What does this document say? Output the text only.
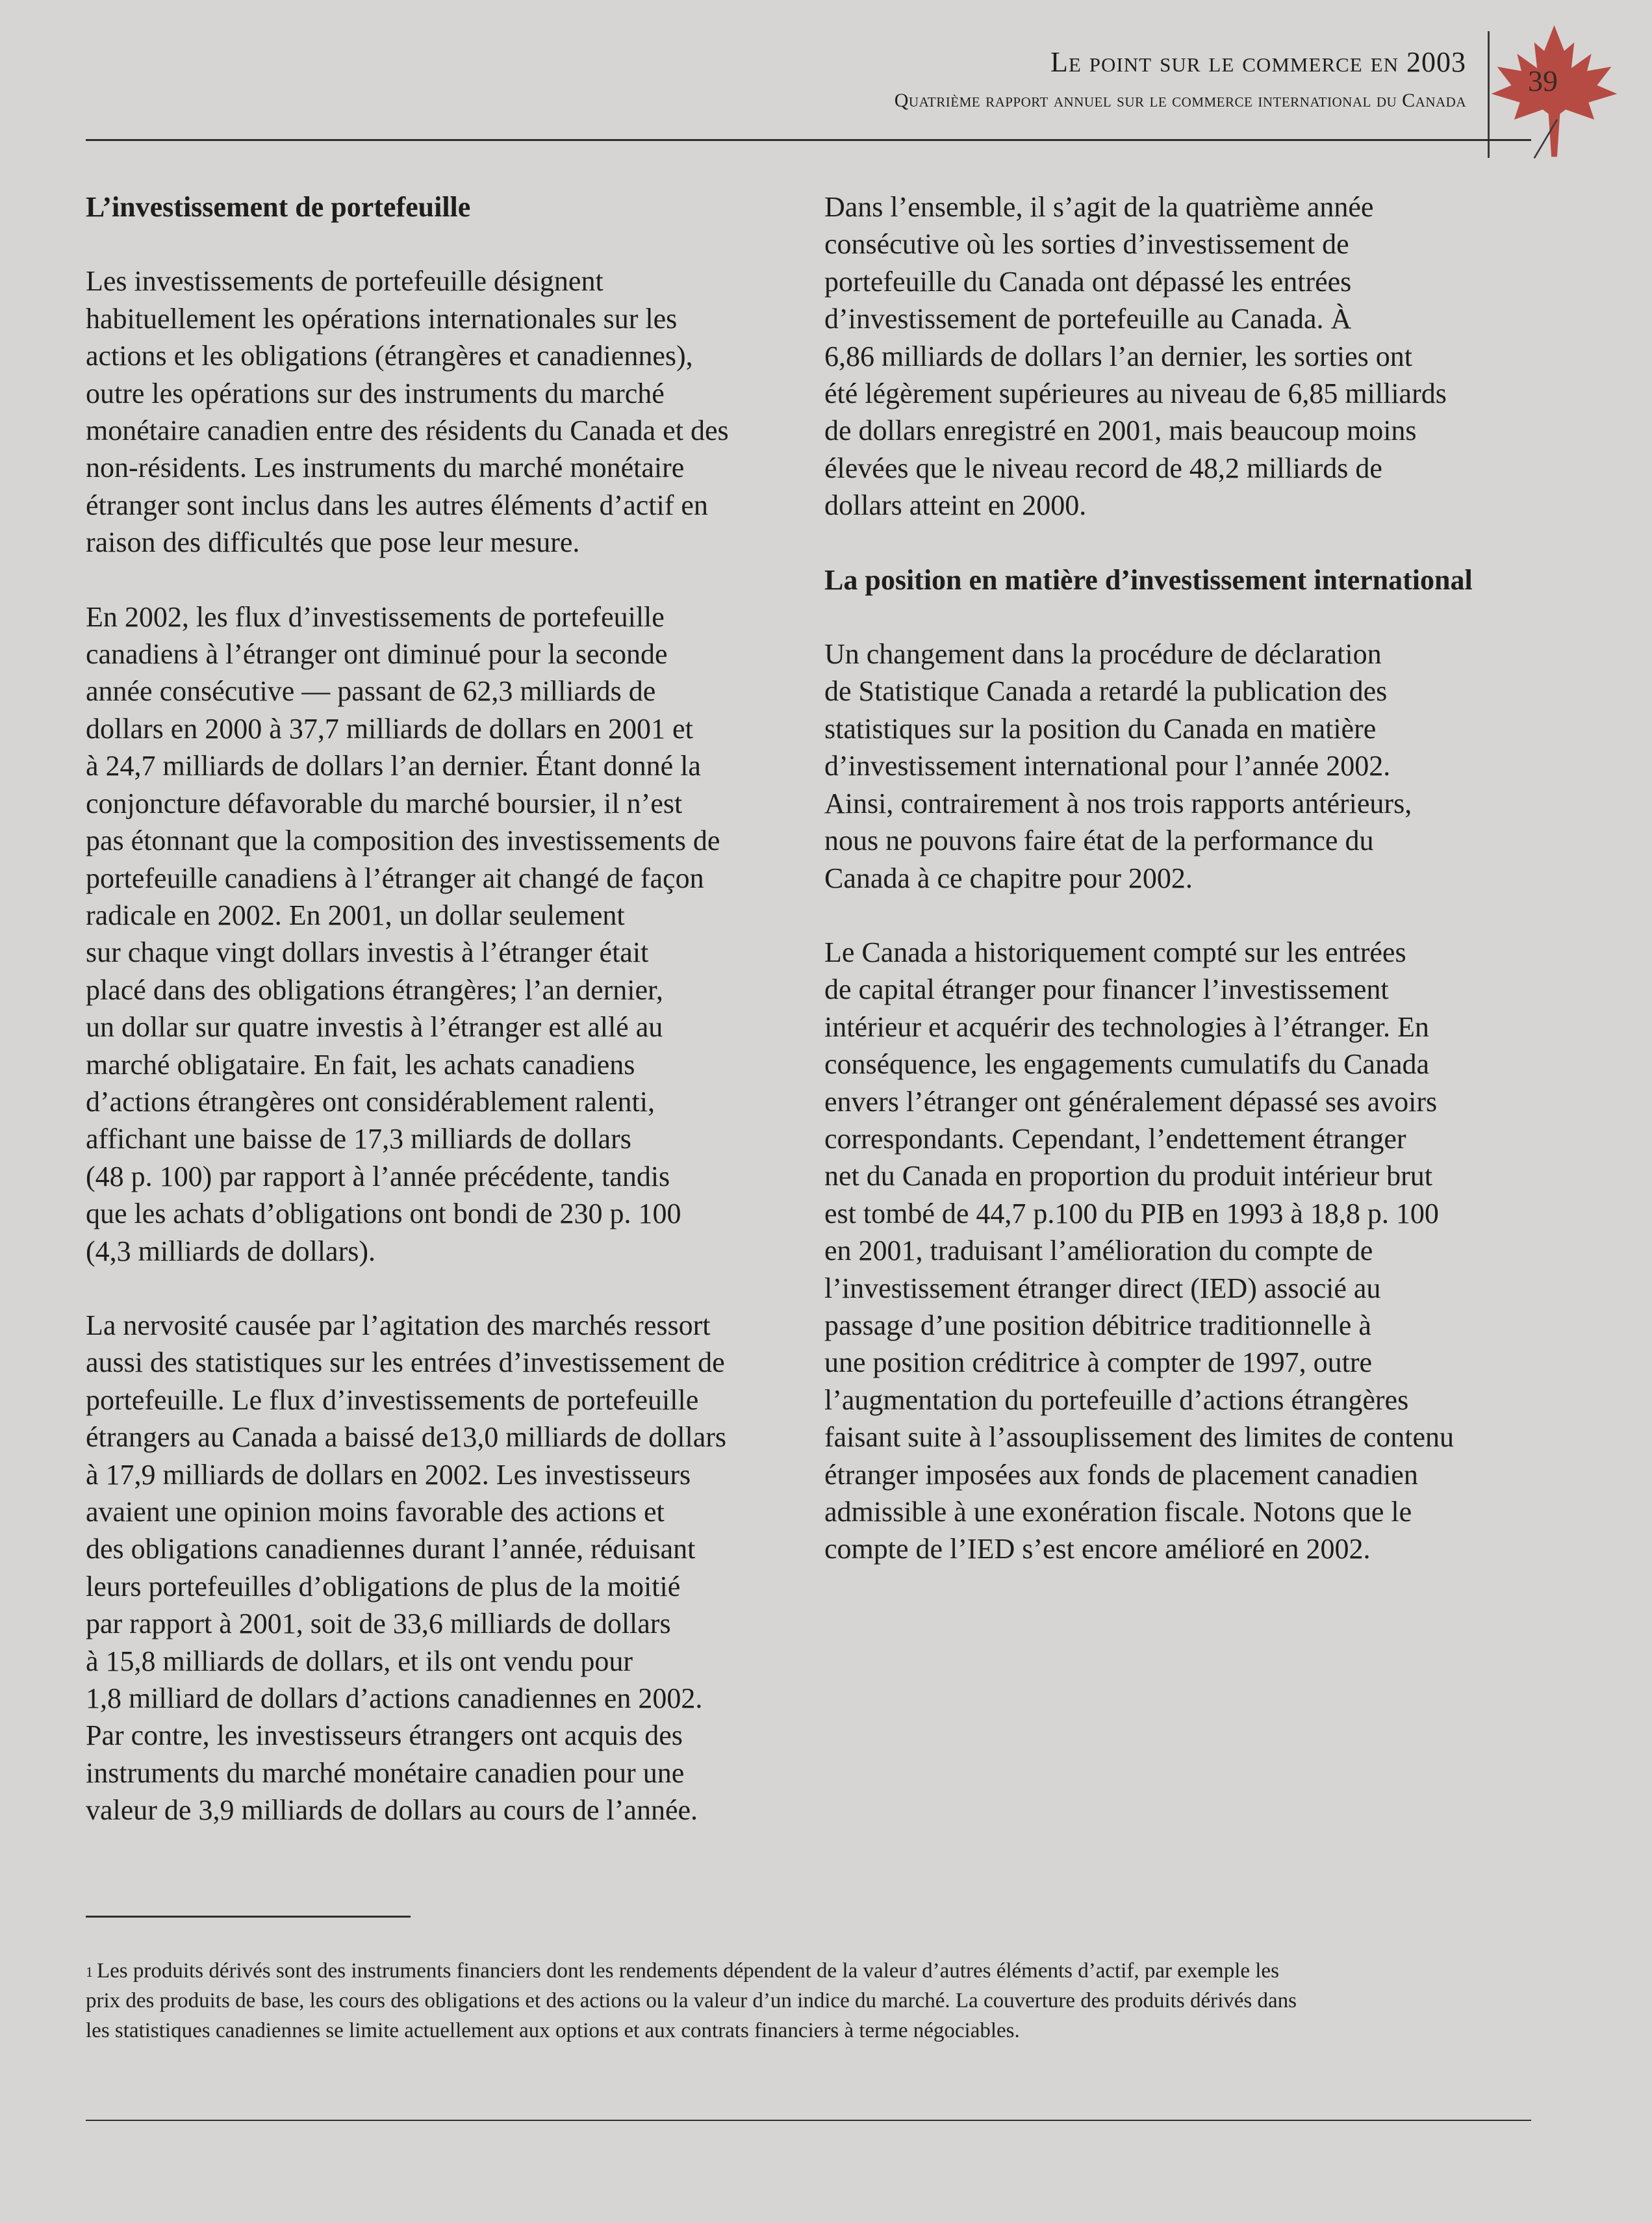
Le point sur le commerce en 2003
Quatrième rapport annuel sur le commerce international du Canada
39
L’investissement de portefeuille

Les investissements de portefeuille désignent
habituellement les opérations internationales sur les
actions et les obligations (étrangères et canadiennes),
outre les opérations sur des instruments du marché
monétaire canadien entre des résidents du Canada et des
non-résidents. Les instruments du marché monétaire
étranger sont inclus dans les autres éléments d’actif en
raison des difficultés que pose leur mesure.

En 2002, les flux d’investissements de portefeuille
canadiens à l’étranger ont diminué pour la seconde
année consécutive — passant de 62,3 milliards de
dollars en 2000 à 37,7 milliards de dollars en 2001 et
à 24,7 milliards de dollars l’an dernier. Étant donné la
conjoncture défavorable du marché boursier, il n’est
pas étonnant que la composition des investissements de
portefeuille canadiens à l’étranger ait changé de façon
radicale en 2002. En 2001, un dollar seulement
sur chaque vingt dollars investis à l’étranger était
placé dans des obligations étrangères; l’an dernier,
un dollar sur quatre investis à l’étranger est allé au
marché obligataire. En fait, les achats canadiens
d’actions étrangères ont considérablement ralenti,
affichant une baisse de 17,3 milliards de dollars
(48 p. 100) par rapport à l’année précédente, tandis
que les achats d’obligations ont bondi de 230 p. 100
(4,3 milliards de dollars).

La nervosité causée par l’agitation des marchés ressort
aussi des statistiques sur les entrées d’investissement de
portefeuille. Le flux d’investissements de portefeuille
étrangers au Canada a baissé de13,0 milliards de dollars
à 17,9 milliards de dollars en 2002. Les investisseurs
avaient une opinion moins favorable des actions et
des obligations canadiennes durant l’année, réduisant
leurs portefeuilles d’obligations de plus de la moitié
par rapport à 2001, soit de 33,6 milliards de dollars
à 15,8 milliards de dollars, et ils ont vendu pour
1,8 milliard de dollars d’actions canadiennes en 2002.
Par contre, les investisseurs étrangers ont acquis des
instruments du marché monétaire canadien pour une
valeur de 3,9 milliards de dollars au cours de l’année.

Dans l’ensemble, il s’agit de la quatrième année
consécutive où les sorties d’investissement de
portefeuille du Canada ont dépassé les entrées
d’investissement de portefeuille au Canada. À
6,86 milliards de dollars l’an dernier, les sorties ont
été légèrement supérieures au niveau de 6,85 milliards
de dollars enregistré en 2001, mais beaucoup moins
élevées que le niveau record de 48,2 milliards de
dollars atteint en 2000.

La position en matière d’investissement international

Un changement dans la procédure de déclaration
de Statistique Canada a retardé la publication des
statistiques sur la position du Canada en matière
d’investissement international pour l’année 2002.
Ainsi, contrairement à nos trois rapports antérieurs,
nous ne pouvons faire état de la performance du
Canada à ce chapitre pour 2002.

Le Canada a historiquement compté sur les entrées
de capital étranger pour financer l’investissement
intérieur et acquérir des technologies à l’étranger. En
conséquence, les engagements cumulatifs du Canada
envers l’étranger ont généralement dépassé ses avoirs
correspondants. Cependant, l’endettement étranger
net du Canada en proportion du produit intérieur brut
est tombé de 44,7 p.100 du PIB en 1993 à 18,8 p. 100
en 2001, traduisant l’amélioration du compte de
l’investissement étranger direct (IED) associé au
passage d’une position débitrice traditionnelle à
une position créditrice à compter de 1997, outre
l’augmentation du portefeuille d’actions étrangères
faisant suite à l’assouplissement des limites de contenu
étranger imposées aux fonds de placement canadien
admissible à une exonération fiscale. Notons que le
compte de l’IED s’est encore amélioré en 2002.

$^1$ Les produits dérivés sont des instruments financiers dont les rendements dépendent de la valeur d’autres éléments d’actif, par exemple les
prix des produits de base, les cours des obligations et des actions ou la valeur d’un indice du marché. La couverture des produits dérivés dans
les statistiques canadiennes se limite actuellement aux options et aux contrats financiers à terme négociables.
